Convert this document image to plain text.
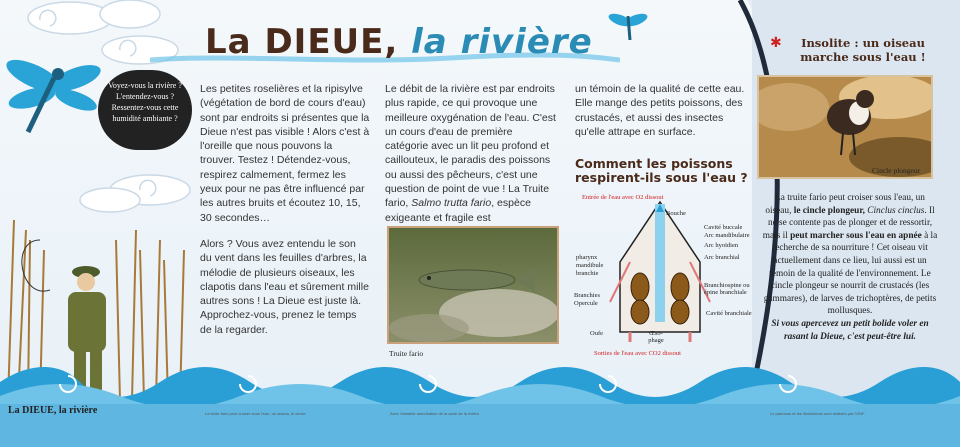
Voyez-vous la rivière ? L'entendez-vous ? Ressentez-vous cette humidité ambiante ?
La DIEUE, la rivière

Les petites roselières et la ripisylve (végétation de bord de cours d'eau) sont par endroits si présentes que la Dieue n'est pas visible ! Alors c'est à l'oreille que nous pouvons la trouver. Testez ! Détendez-vous, respirez calmement, fermez les yeux pour ne pas être influencé par les autres bruits et écoutez 10, 15, 30 secondes…

Alors ? Vous avez entendu le son du vent dans les feuilles d'arbres, la mélodie de plusieurs oiseaux, les clapotis dans l'eau et sûrement mille autres sons ! La Dieue est juste là. Approchez-vous, prenez le temps de la regarder.

Le débit de la rivière est par endroits plus rapide, ce qui provoque une meilleure oxygénation de l'eau. C'est un cours d'eau de première catégorie avec un lit peu profond et caillouteux, le paradis des poissons ou aussi des pêcheurs, c'est une question de point de vue ! La Truite fario, Salmo trutta fario, espèce exigeante et fragile est

Truite fario

un témoin de la qualité de cette eau. Elle mange des petits poissons, des crustacés, et aussi des insectes qu'elle attrape en surface.

Comment les poissons respirent-ils sous l'eau ?
Entrée de l'eau avec O2 dissout
Sorties de l'eau avec CO2 dissout
Bouche
Cavité buccale
Arc mandibulaire
Arc hyoïdien
Arc branchial
Branchiospine ou épine branchiale
Cavité branchiale
pharynx
mandibule
branchie
Branchies
Opercule
Oufe	Œso- phage
✱	Insolite : un oiseau marche sous l'eau !
Cincle plongeur
La truite fario peut croiser sous l'eau, un oiseau, le cincle plongeur, Cinclus cinclus. Il ne se contente pas de plonger et de ressortir, mais il peut marcher sous l'eau en apnée à la recherche de sa nourriture ! Cet oiseau vit actuellement dans ce lieu, lui aussi est un témoin de la qualité de l'environnement. Le cincle plongeur se nourrit de crustacés (les gammares), de larves de trichoptères, de petits mollusques.
Si vous apercevez un petit bolide voler en rasant la Dieue, c'est peut-être lui.
La DIEUE, la rivière	La truite fario peut croiser sous l'eau, un oiseau, le cincle	Avec l'aimable autorisation de la carte de la rivière	Le panneau et les illustrations sont réalisés par l'ONF
